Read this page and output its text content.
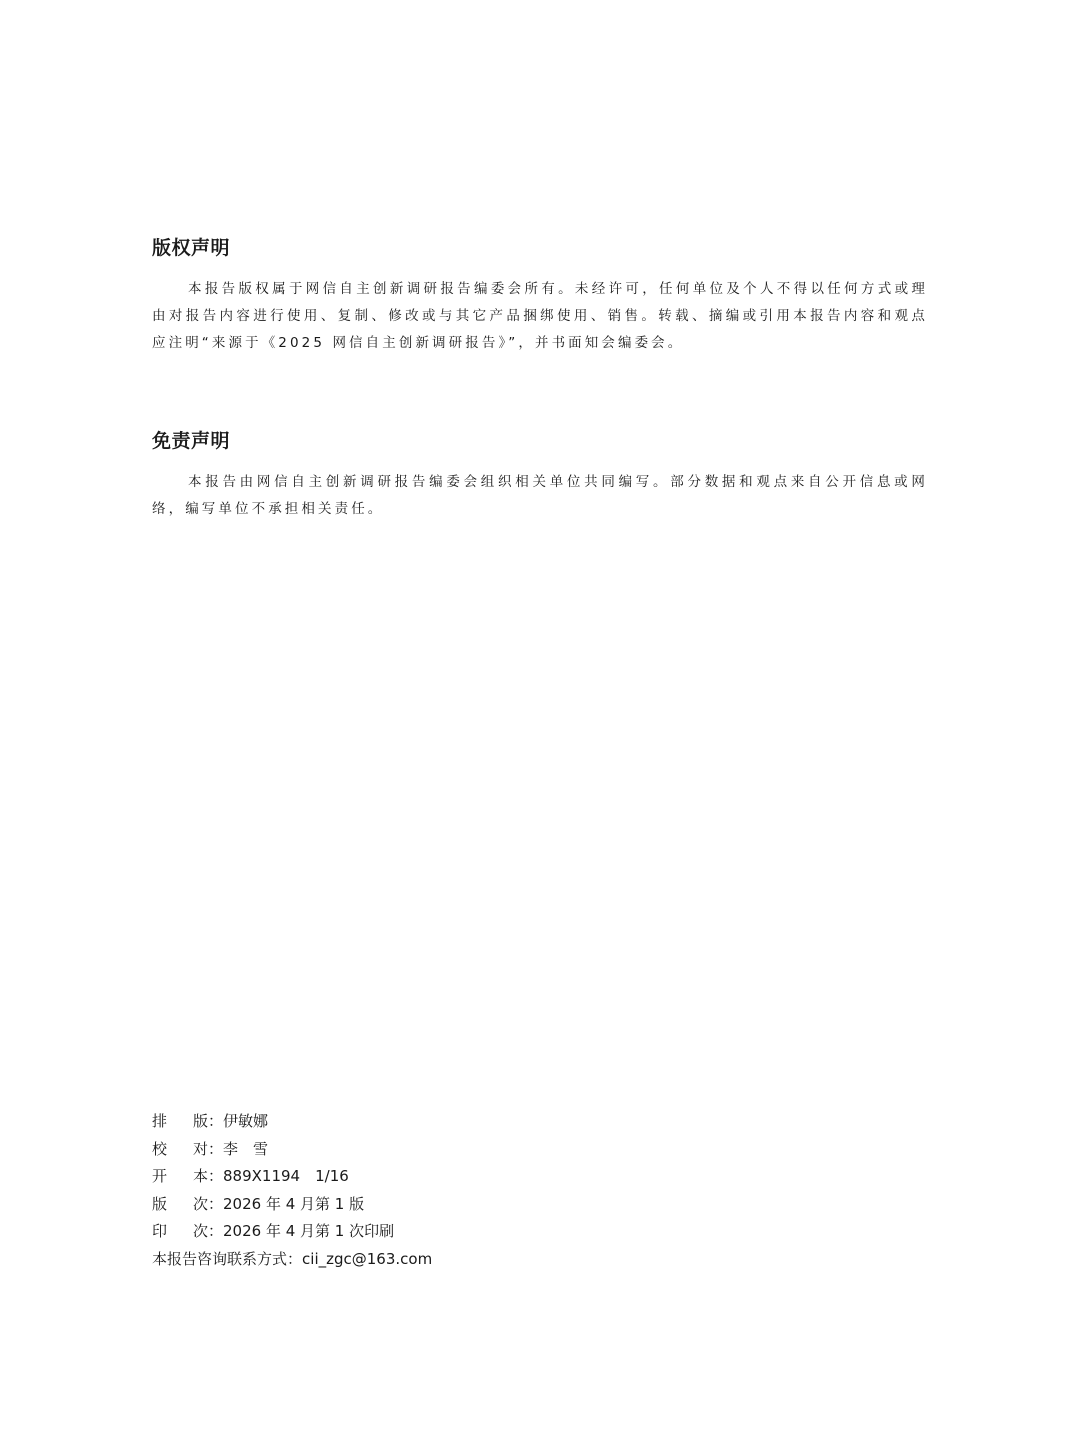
版权声明

本报告版权属于网信自主创新调研报告编委会所有。未经许可，任何单位及个人不得以任何方式或理由对报告内容进行使用、复制、修改或与其它产品捆绑使用、销售。转载、摘编或引用本报告内容和观点应注明“来源于《2025 网信自主创新调研报告》”，并书面知会编委会。

免责声明

本报告由网信自主创新调研报告编委会组织相关单位共同编写。部分数据和观点来自公开信息或网络，编写单位不承担相关责任。

排　版：伊敏娜
校　对：李　雪
开　本：889X1194　1/16
版　次：2026 年 4 月第 1 版
印　次：2026 年 4 月第 1 次印刷
本报告咨询联系方式：cii_zgc@163.com
